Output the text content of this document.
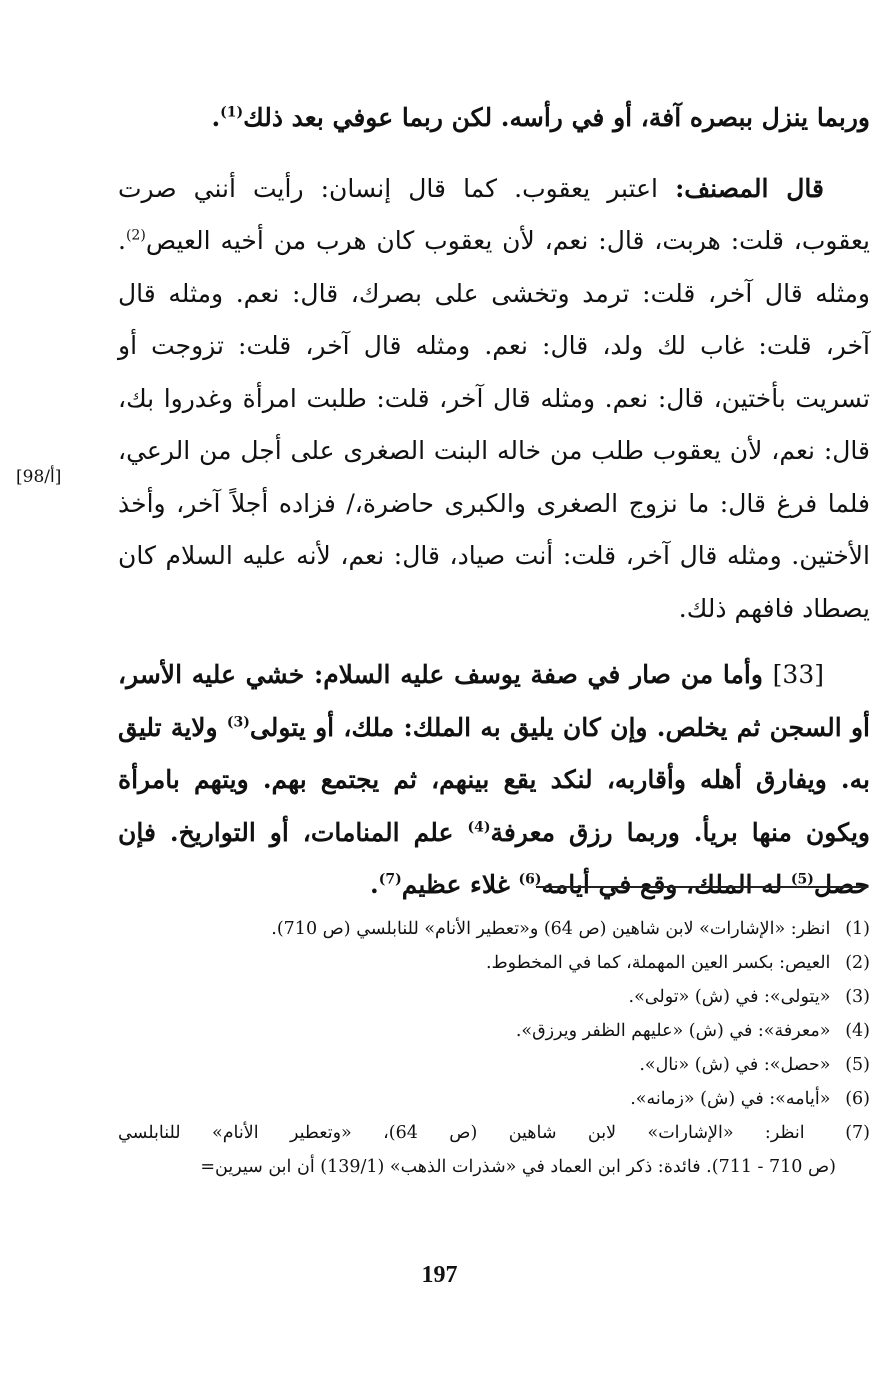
وربما ينزل ببصره آفة، أو في رأسه. لكن ربما عوفي بعد ذلك$^{(1)}$.

قال المصنف: اعتبر يعقوب. كما قال إنسان: رأيت أنني صرت يعقوب، قلت: هربت، قال: نعم، لأن يعقوب كان هرب من أخيه العيص$^{(2)}$. ومثله قال آخر، قلت: ترمد وتخشى على بصرك، قال: نعم. ومثله قال آخر، قلت: غاب لك ولد، قال: نعم. ومثله قال آخر، قلت: تزوجت أو تسريت بأختين، قال: نعم. ومثله قال آخر، قلت: طلبت امرأة وغدروا بك، قال: نعم، لأن يعقوب طلب من خاله البنت الصغرى على أجل من الرعي، فلما فرغ قال: ما نزوج الصغرى والكبرى حاضرة،/ فزاده أجلاً آخر، وأخذ الأختين. ومثله قال آخر، قلت: أنت صياد، قال: نعم، لأنه عليه السلام كان يصطاد فافهم ذلك.

[33] وأما من صار في صفة يوسف عليه السلام: خشي عليه الأسر، أو السجن ثم يخلص. وإن كان يليق به الملك: ملك، أو يتولى$^{(3)}$ ولاية تليق به. ويفارق أهله وأقاربه، لنكد يقع بينهم، ثم يجتمع بهم. ويتهم بامرأة ويكون منها بريأ. وربما رزق معرفة$^{(4)}$ علم المنامات، أو التواريخ. فإن حصل$^{(5)}$ له الملك، وقع في أيامه$^{(6)}$ غلاء عظيم$^{(7)}$.

[98/أ]

(1) انظر: «الإشارات» لابن شاهين (ص 64) و«تعطير الأنام» للنابلسي (ص 710).

(2) العيص: بكسر العين المهملة، كما في المخطوط.

(3) «يتولى»: في (ش) «تولى».

(4) «معرفة»: في (ش) «عليهم الظفر ويرزق».

(5) «حصل»: في (ش) «نال».

(6) «أيامه»: في (ش) «زمانه».

(7) انظر: «الإشارات» لابن شاهين (ص 64)، «وتعطير الأنام» للنابلسي

(ص 710 - 711). فائدة: ذكر ابن العماد في «شذرات الذهب» (139/1) أن ابن سيرين=

197
